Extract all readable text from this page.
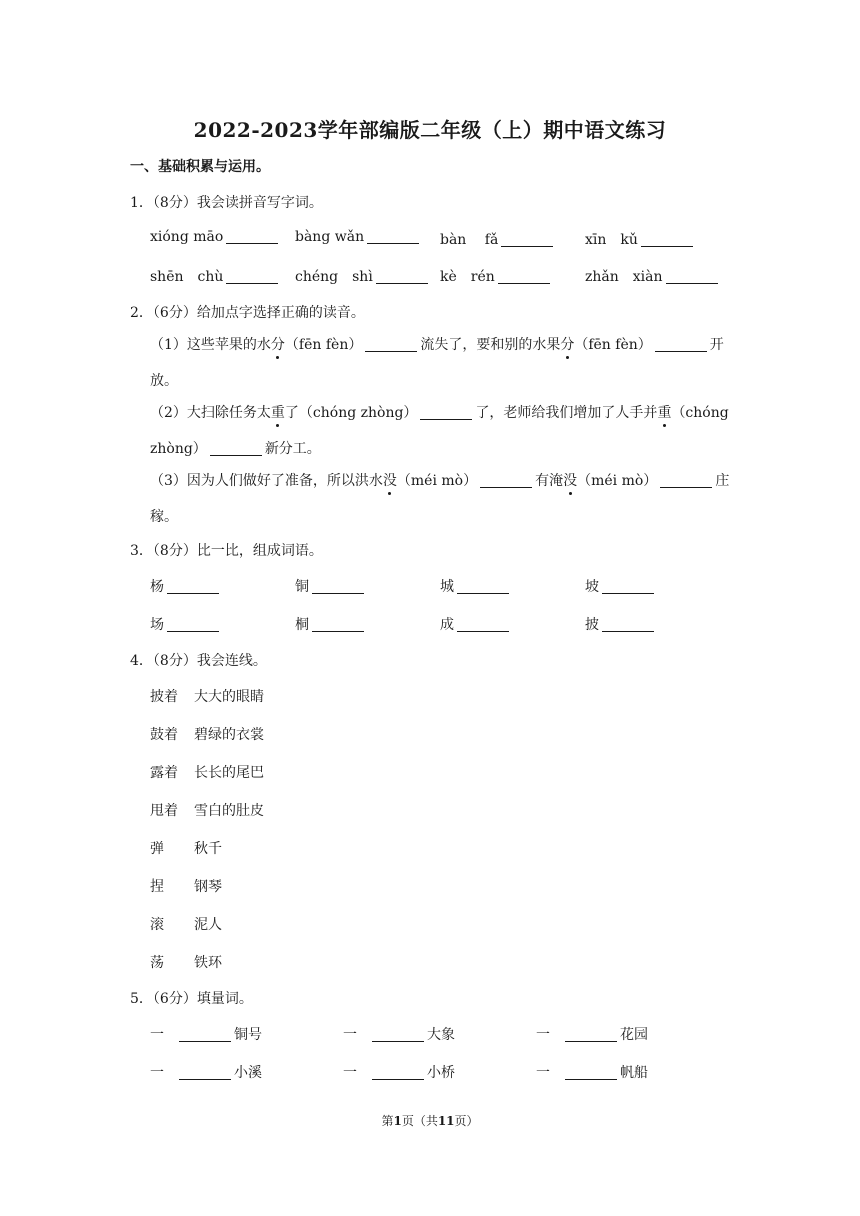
2022-2023学年部编版二年级（上）期中语文练习
一、基础积累与运用。
1．（8分）我会读拼音写字词。
xióng māo	bàng wǎn	bàn　 fǎ	xīn　kǔ
shēn　chù	chéng　shì	kè　rén	zhǎn　xiàn
2．（6分）给加点字选择正确的读音。
（1）这些苹果的水分（fēn fèn）	流失了，要和别的水果分（fēn fèn）	开
放。
（2）大扫除任务太重了（chóng zhòng）	了，老师给我们增加了人手并重（chóng
zhòng）	新分工。
（3）因为人们做好了准备，所以洪水没（méi mò）	有淹没（méi mò）	庄
稼。
3．（8分）比一比，组成词语。
杨	铜	城	坡
场	桐	成	披
4．（8分）我会连线。
披着 大大的眼睛
鼓着 碧绿的衣裳
露着 长长的尾巴
甩着 雪白的肚皮
弹 秋千
捏 钢琴
滚 泥人
荡 铁环
5．（6分）填量词。
一	铜号	一	大象	一	花园
一	小溪	一	小桥	一	帆船
第1页（共11页）
